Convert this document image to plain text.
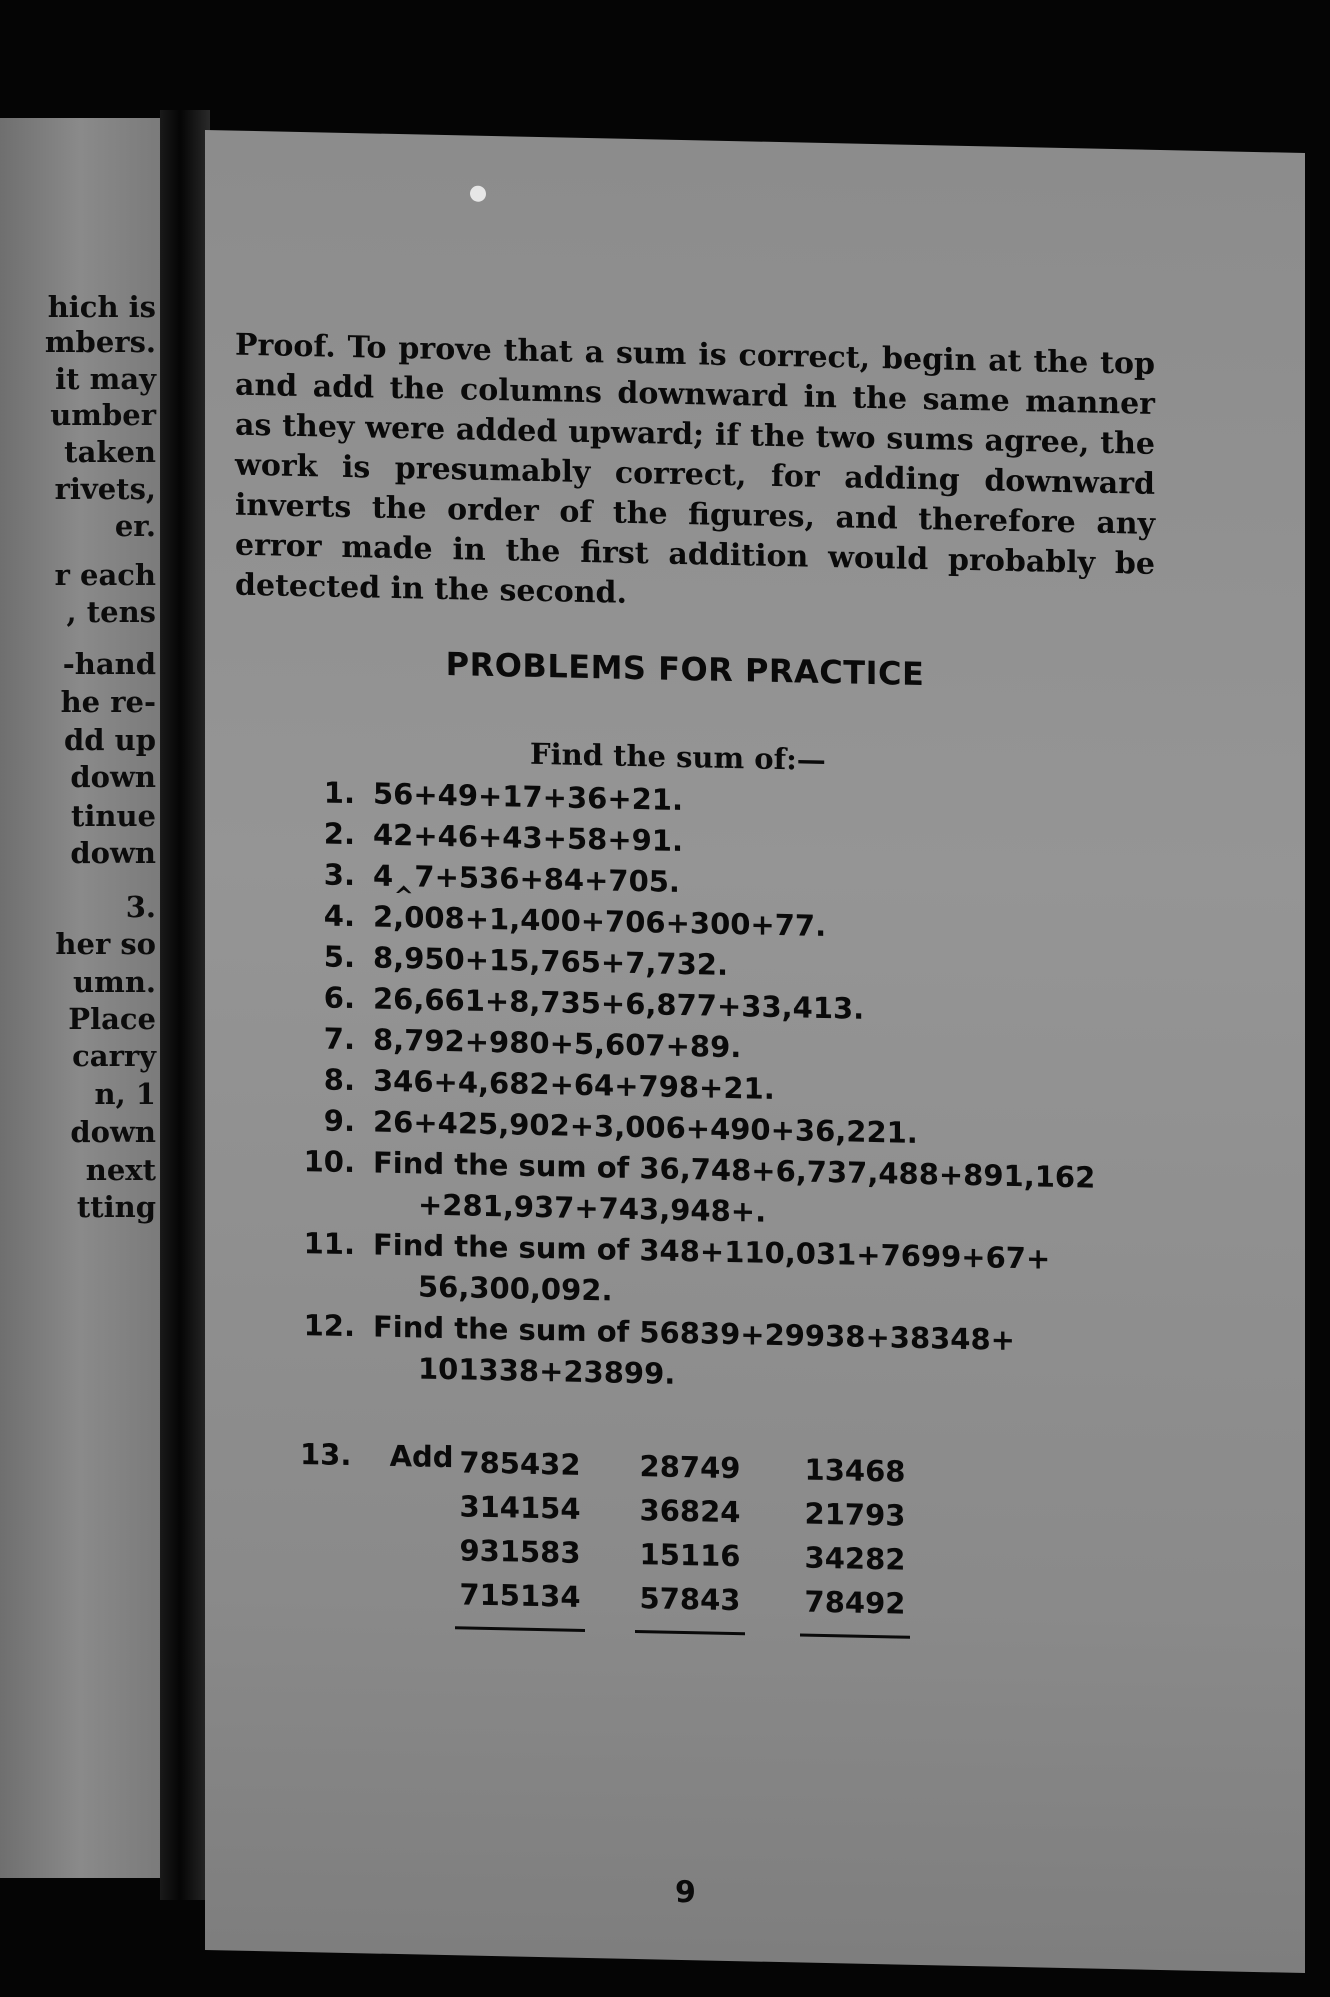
hich is
mbers.
it may
umber
taken
rivets,
er.
r each
, tens
-hand
he re-
dd up
down
tinue
down
3.
her so
umn.
Place
carry
n, 1
down
next
tting

Proof. To prove that a sum is correct, begin at the top and add the columns downward in the same manner as they were added upward; if the two sums agree, the work is presumably correct, for adding downward inverts the order of the figures, and therefore any error made in the first addition would probably be detected in the second.

PROBLEMS FOR PRACTICE
Find the sum of:—
1. 56+49+17+36+21.
2. 42+46+43+58+91.
3. 4‸7+536+84+705.
4. 2,008+1,400+706+300+77.
5. 8,950+15,765+7,732.
6. 26,661+8,735+6,877+33,413.
7. 8,792+980+5,607+89.
8. 346+4,682+64+798+21.
9. 26+425,902+3,006+490+36,221.
10. Find the sum of 36,748+6,737,488+891,162
+281,937+743,948+.
11. Find the sum of 348+110,031+7699+67+
56,300,092.
12. Find the sum of 56839+29938+38348+
101338+23899.
13. Add 785432
314154
931583
715134
28749
36824
15116
57843
13468
21793
34282
78492
9
